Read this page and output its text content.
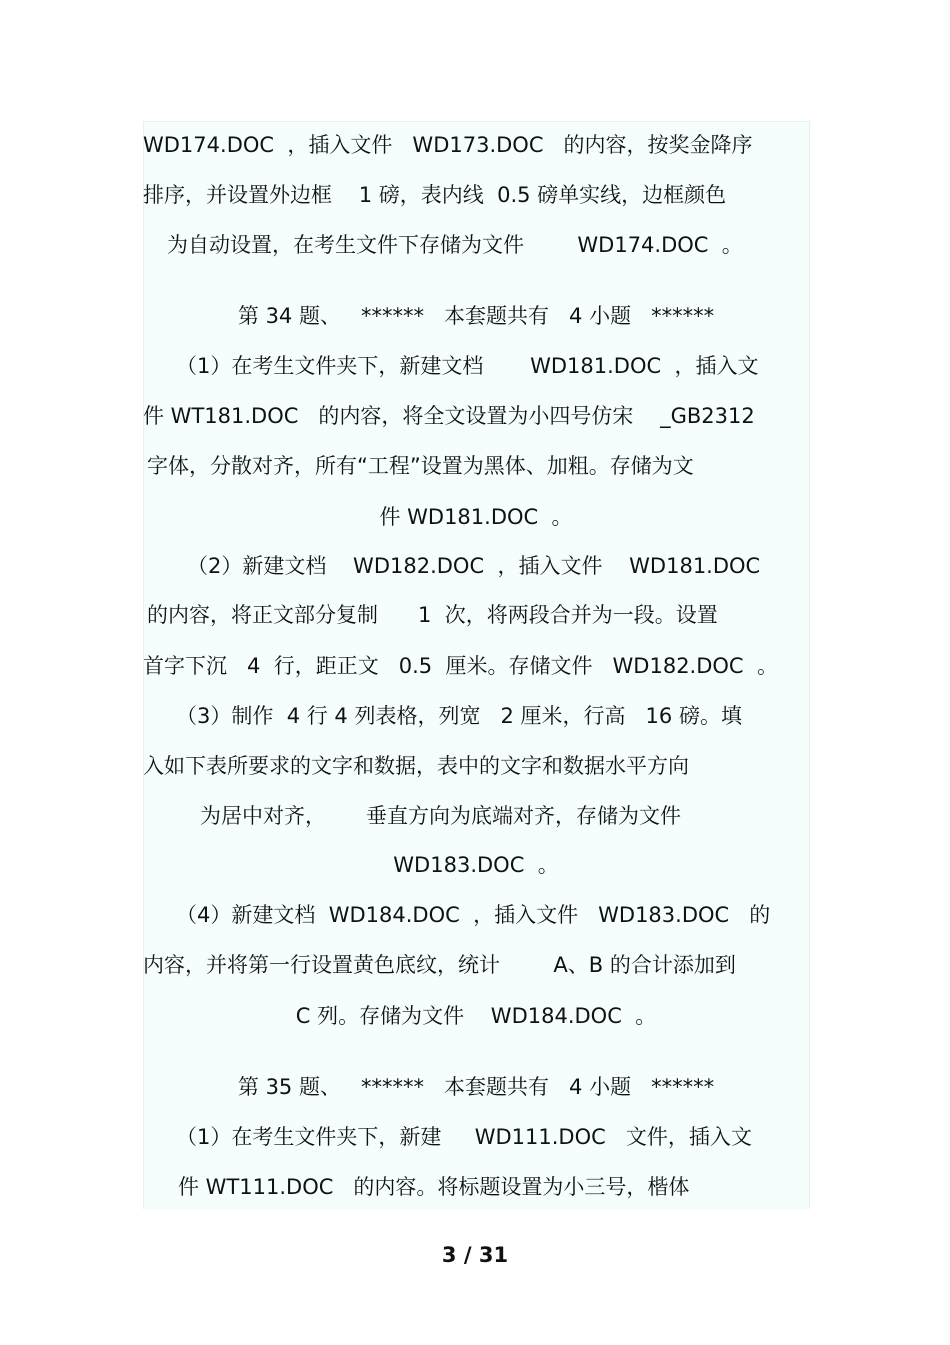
WD174.DOC  ，插入文件   WD173.DOC   的内容，按奖金降序
排序，并设置外边框    1 磅，表内线  0.5 磅单实线，边框颜色
为自动设置，在考生文件下存储为文件        WD174.DOC  。
第 34 题、   ******   本套题共有   4 小题   ******
（1）在考生文件夹下，新建文档       WD181.DOC  ，插入文
件 WT181.DOC   的内容，将全文设置为小四号仿宋    _GB2312
字体，分散对齐，所有“工程”设置为黑体、加粗。存储为文
件 WD181.DOC  。
（2）新建文档    WD182.DOC  ，插入文件    WD181.DOC
的内容，将正文部分复制      1  次，将两段合并为一段。设置
首字下沉   4  行，距正文   0.5  厘米。存储文件   WD182.DOC  。
（3）制作  4 行 4 列表格，列宽   2 厘米，行高   16 磅。填
入如下表所要求的文字和数据，表中的文字和数据水平方向
为居中对齐，      垂直方向为底端对齐，存储为文件
WD183.DOC  。
（4）新建文档  WD184.DOC  ，插入文件   WD183.DOC   的
内容，并将第一行设置黄色底纹，统计        A、B 的合计添加到
C 列。存储为文件    WD184.DOC  。
第 35 题、   ******   本套题共有   4 小题   ******
（1）在考生文件夹下，新建     WD111.DOC   文件，插入文
件 WT111.DOC   的内容。将标题设置为小三号，楷体
3 / 31
